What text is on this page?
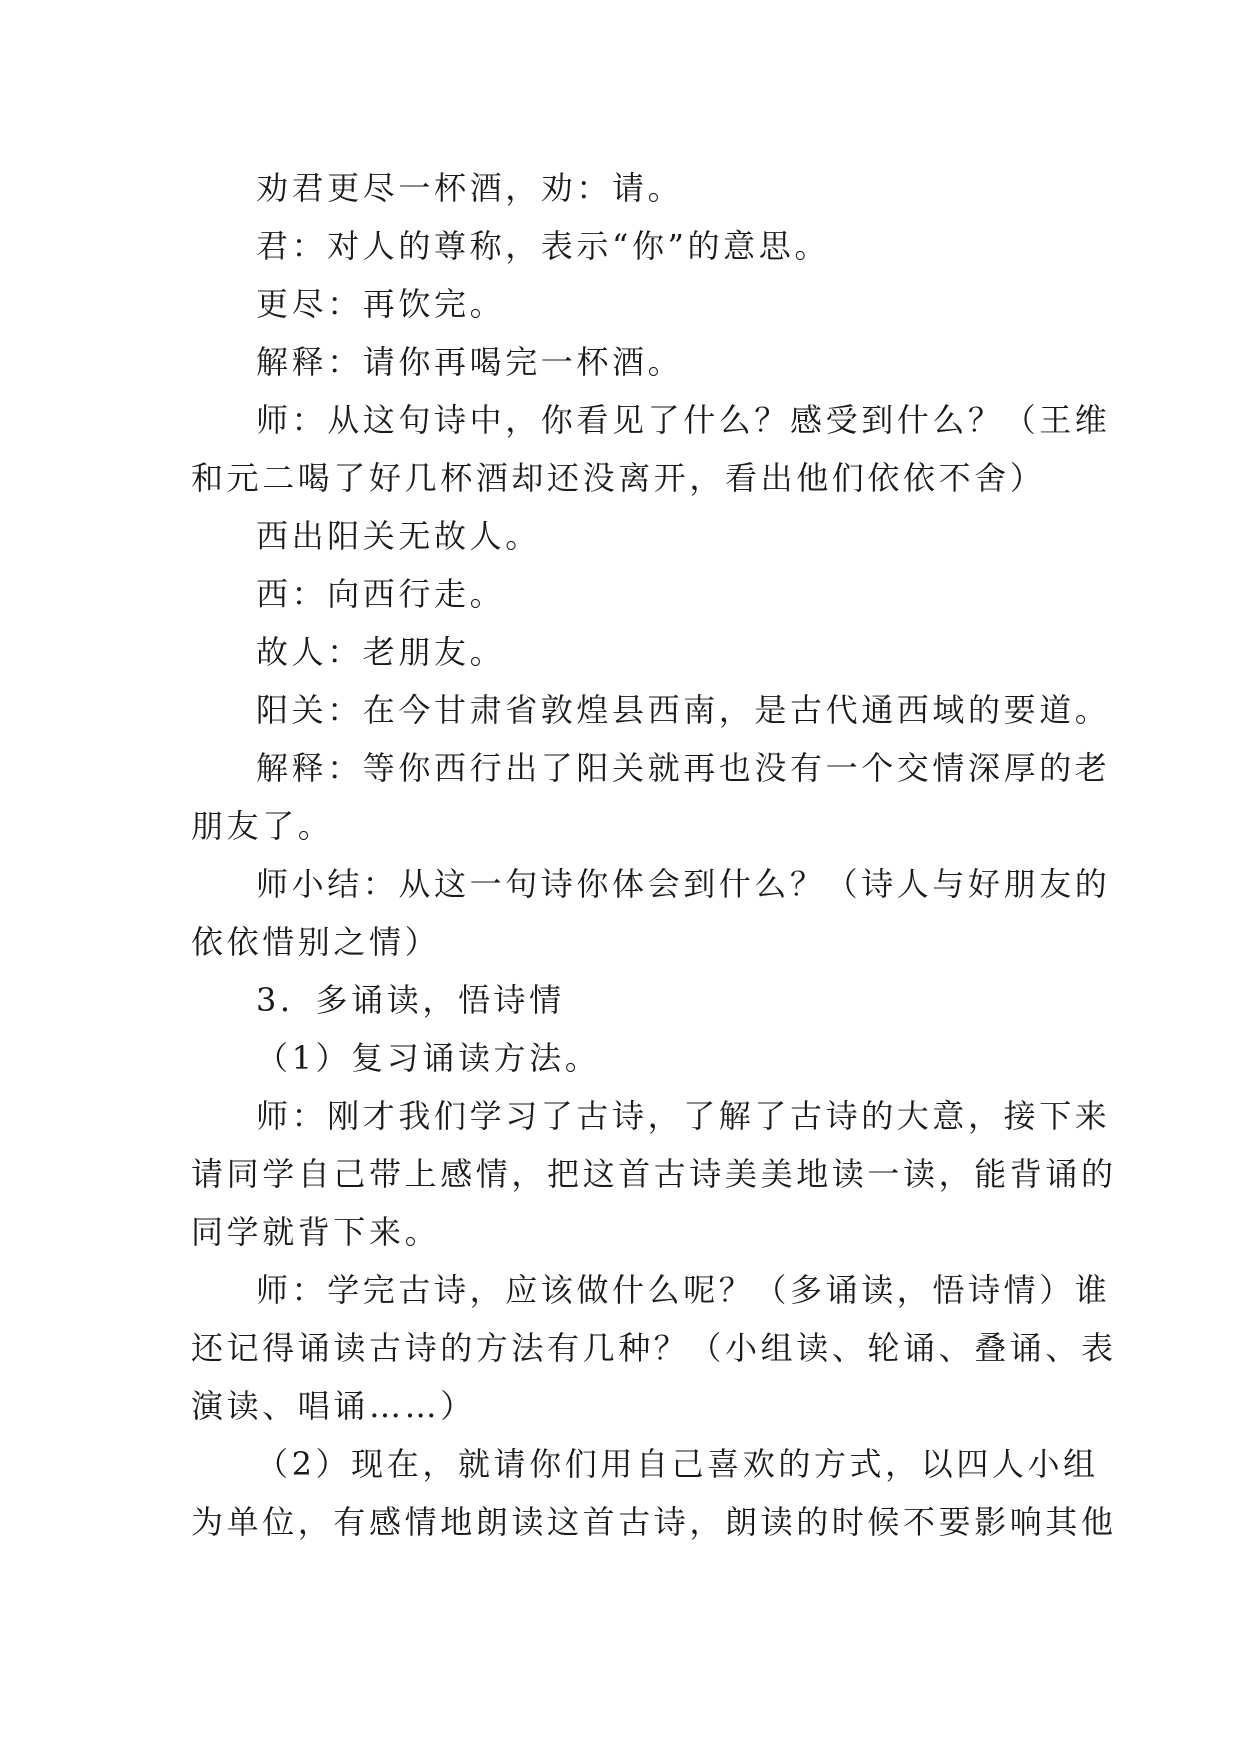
劝君更尽一杯酒，劝：请。
君：对人的尊称，表示“你”的意思。
更尽：再饮完。
解释：请你再喝完一杯酒。
师：从这句诗中，你看见了什么？感受到什么？（王维
和元二喝了好几杯酒却还没离开，看出他们依依不舍）
西出阳关无故人。
西：向西行走。
故人：老朋友。
阳关：在今甘肃省敦煌县西南，是古代通西域的要道。
解释：等你西行出了阳关就再也没有一个交情深厚的老
朋友了。
师小结：从这一句诗你体会到什么？（诗人与好朋友的
依依惜别之情）
3．多诵读，悟诗情
（1）复习诵读方法。
师：刚才我们学习了古诗，了解了古诗的大意，接下来
请同学自己带上感情，把这首古诗美美地读一读，能背诵的
同学就背下来。
师：学完古诗，应该做什么呢？（多诵读，悟诗情）谁
还记得诵读古诗的方法有几种？（小组读、轮诵、叠诵、表
演读、唱诵……）
（2）现在，就请你们用自己喜欢的方式，以四人小组
为单位，有感情地朗读这首古诗，朗读的时候不要影响其他
